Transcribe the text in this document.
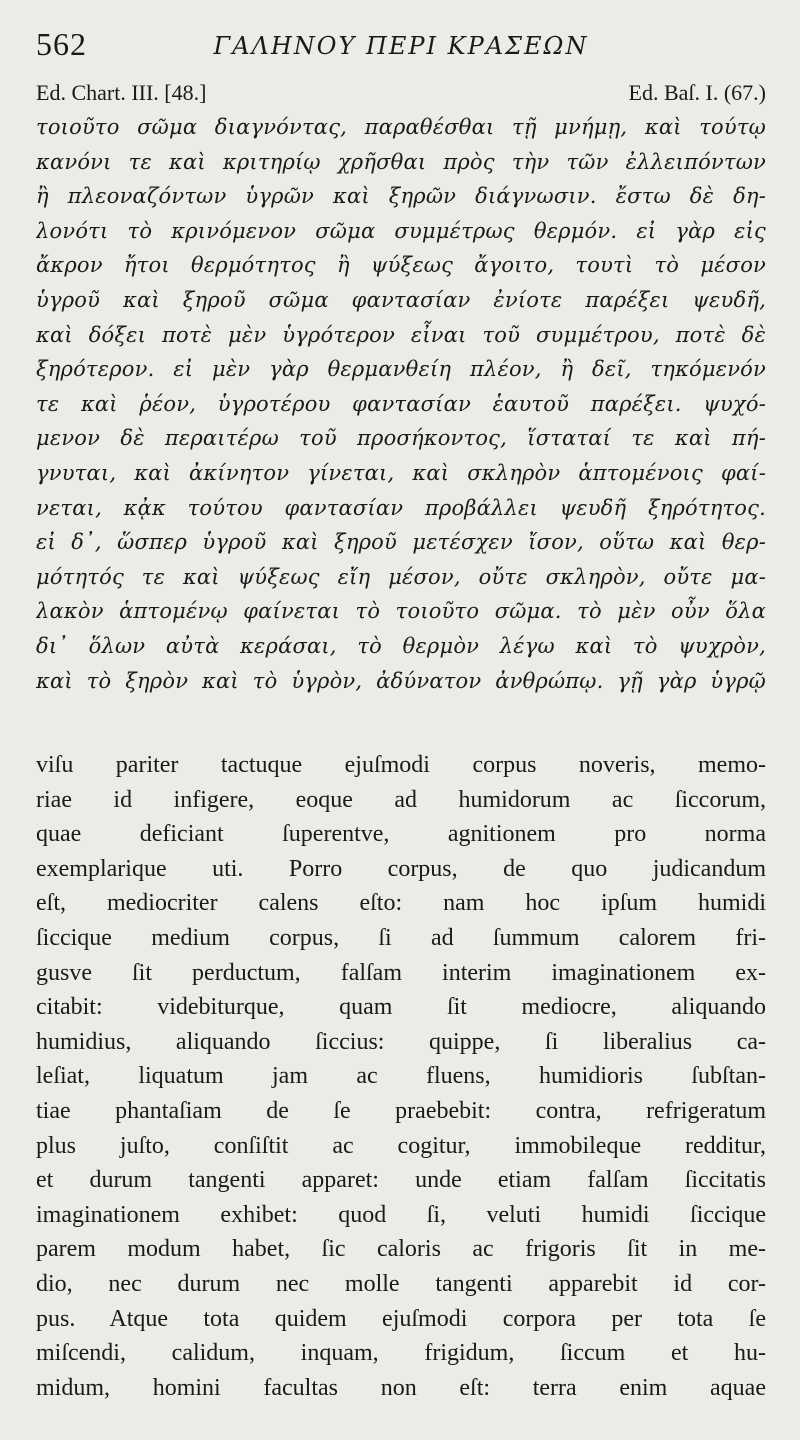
562	ΓΑΛΗΝΟΥ ΠΕΡΙ ΚΡΑΣΕΩΝ
Ed. Chart. III. [48.]	Ed. Baſ. I. (67.)
τοιοῦτο σῶμα διαγνόντας, παραθέσθαι τῇ μνήμῃ, καὶ τούτῳ
κανόνι τε καὶ κριτηρίῳ χρῆσθαι πρὸς τὴν τῶν ἐλλειπόντων
ἢ πλεοναζόντων ὑγρῶν καὶ ξηρῶν διάγνωσιν. ἔστω δὲ δη-
λονότι τὸ κρινόμενον σῶμα συμμέτρως θερμόν. εἰ γὰρ εἰς
ἄκρον ἤτοι θερμότητος ἢ ψύξεως ἄγοιτο, τουτὶ τὸ μέσον
ὑγροῦ καὶ ξηροῦ σῶμα φαντασίαν ἐνίοτε παρέξει ψευδῆ,
καὶ δόξει ποτὲ μὲν ὑγρότερον εἶναι τοῦ συμμέτρου, ποτὲ δὲ
ξηρότερον. εἰ μὲν γὰρ θερμανθείη πλέον, ἢ δεῖ, τηκόμενόν
τε καὶ ῥέον, ὑγροτέρου φαντασίαν ἑαυτοῦ παρέξει. ψυχό-
μενον δὲ περαιτέρω τοῦ προσήκοντος, ἵσταταί τε καὶ πή-
γνυται, καὶ ἀκίνητον γίνεται, καὶ σκληρὸν ἁπτομένοις φαί-
νεται, κᾀκ τούτου φαντασίαν προβάλλει ψευδῆ ξηρότητος.
εἰ δ᾽, ὥσπερ ὑγροῦ καὶ ξηροῦ μετέσχεν ἴσον, οὕτω καὶ θερ-
μότητός τε καὶ ψύξεως εἴη μέσον, οὔτε σκληρὸν, οὔτε μα-
λακὸν ἁπτομένῳ φαίνεται τὸ τοιοῦτο σῶμα. τὸ μὲν οὖν ὅλα
δι᾽ ὅλων αὐτὰ κεράσαι, τὸ θερμὸν λέγω καὶ τὸ ψυχρὸν,
καὶ τὸ ξηρὸν καὶ τὸ ὑγρὸν, ἀδύνατον ἀνθρώπῳ. γῇ γὰρ ὑγρῷ
viſu pariter tactuque ejuſmodi corpus noveris, memo-
riae id infigere, eoque ad humidorum ac ſiccorum,
quae deficiant ſuperentve, agnitionem pro norma
exemplarique uti. Porro corpus, de quo judicandum
eſt, mediocriter calens eſto: nam hoc ipſum humidi
ſiccique medium corpus, ſi ad ſummum calorem fri-
gusve ſit perductum, falſam interim imaginationem ex-
citabit: videbiturque, quam ſit mediocre, aliquando
humidius, aliquando ſiccius: quippe, ſi liberalius ca-
leſiat, liquatum jam ac fluens, humidioris ſubſtan-
tiae phantaſiam de ſe praebebit: contra, refrigeratum
plus juſto, conſiſtit ac cogitur, immobileque redditur,
et durum tangenti apparet: unde etiam falſam ſiccitatis
imaginationem exhibet: quod ſi, veluti humidi ſiccique
parem modum habet, ſic caloris ac frigoris ſit in me-
dio, nec durum nec molle tangenti apparebit id cor-
pus. Atque tota quidem ejuſmodi corpora per tota ſe
miſcendi, calidum, inquam, frigidum, ſiccum et hu-
midum, homini facultas non eſt: terra enim aquae
